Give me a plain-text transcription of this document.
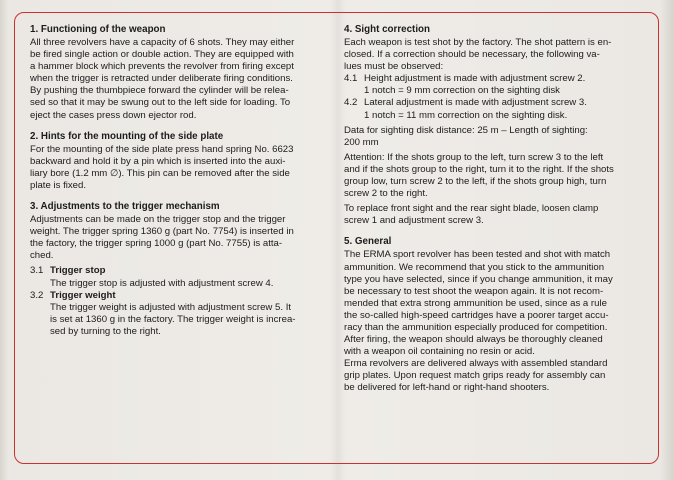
1. Functioning of the weapon
All three revolvers have a capacity of 6 shots. They may either
be fired single action or double action. They are equipped with
a hammer block which prevents the revolver from firing except
when the trigger is retracted under deliberate firing conditions.
By pushing the thumbpiece forward the cylinder will be relea-
sed so that it may be swung out to the left side for loading. To
eject the cases press down ejector rod.
2. Hints for the mounting of the side plate
For the mounting of the side plate press hand spring No. 6623
backward and hold it by a pin which is inserted into the auxi-
liary bore (1.2 mm ∅). This pin can be removed after the side
plate is fixed.
3. Adjustments to the trigger mechanism
Adjustments can be made on the trigger stop and the trigger
weight. The trigger spring 1360 g (part No. 7754) is inserted in
the factory, the trigger spring 1000 g (part No. 7755) is atta-
ched.
3.1 Trigger stop
The trigger stop is adjusted with adjustment screw 4.
3.2 Trigger weight
The trigger weight is adjusted with adjustment screw 5. It
is set at 1360 g in the factory. The trigger weight is increa-
sed by turning to the right.
4. Sight correction
Each weapon is test shot by the factory. The shot pattern is en-
closed. If a correction should be necessary, the following va-
lues must be observed:
4.1 Height adjustment is made with adjustment screw 2.
1 notch = 9 mm correction on the sighting disk
4.2 Lateral adjustment is made with adjustment screw 3.
1 notch = 11 mm correction on the sighting disk.
Data for sighting disk distance: 25 m – Length of sighting:
200 mm
Attention: If the shots group to the left, turn screw 3 to the left
and if the shots group to the right, turn it to the right. If the shots
group low, turn screw 2 to the left, if the shots group high, turn
screw 2 to the right.
To replace front sight and the rear sight blade, loosen clamp
screw 1 and adjustment screw 3.
5. General
The ERMA sport revolver has been tested and shot with match
ammunition. We recommend that you stick to the ammunition
type you have selected, since if you change ammunition, it may
be necessary to test shoot the weapon again. It is not recom-
mended that extra strong ammunition be used, since as a rule
the so-called high-speed cartridges have a poorer target accu-
racy than the ammunition especially produced for competition.
After firing, the weapon should always be thoroughly cleaned
with a weapon oil containing no resin or acid.
Erma revolvers are delivered always with assembled standard
grip plates. Upon request match grips ready for assembly can
be delivered for left-hand or right-hand shooters.
